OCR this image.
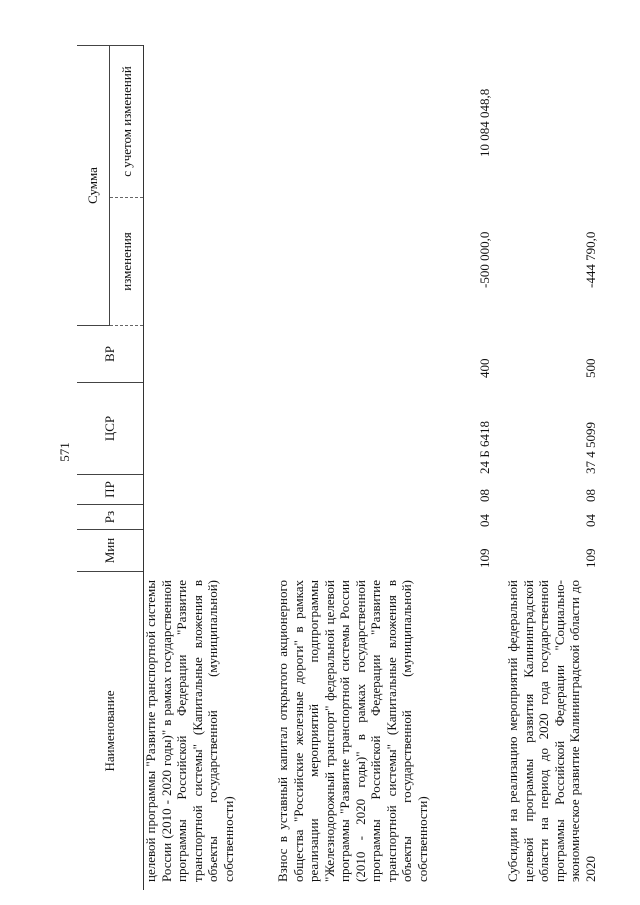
571
Наименование
Мин
Рз
ПР
ЦСР
ВР
Сумма
изменения
с учетом изменений
целевой программы "Развитие транспортной системы России (2010 - 2020 годы)" в рамках государственной программы Российской Федерации "Развитие транспортной системы" (Капитальные вложения в объекты государственной (муниципальной) собственности)	Взнос в уставный капитал открытого акционерного общества "Российские железные дороги" в рамках реализации мероприятий подпрограммы "Железнодорожный транспорт" федеральной целевой программы "Развитие транспортной системы России (2010 - 2020 годы)" в рамках государственной программы Российской Федерации "Развитие транспортной системы" (Капитальные вложения в объекты государственной (муниципальной) собственности)
109
04
08
24 Б 6418
400
-500 000,0
10 084 048,8
Субсидии на реализацию мероприятий федеральной целевой программы развития Калининградской области на период до 2020 года государственной программы Российской Федерации "Социально-экономическое развитие Калининградской области до 2020
109
04
08
37 4 5099
500
-444 790,0
